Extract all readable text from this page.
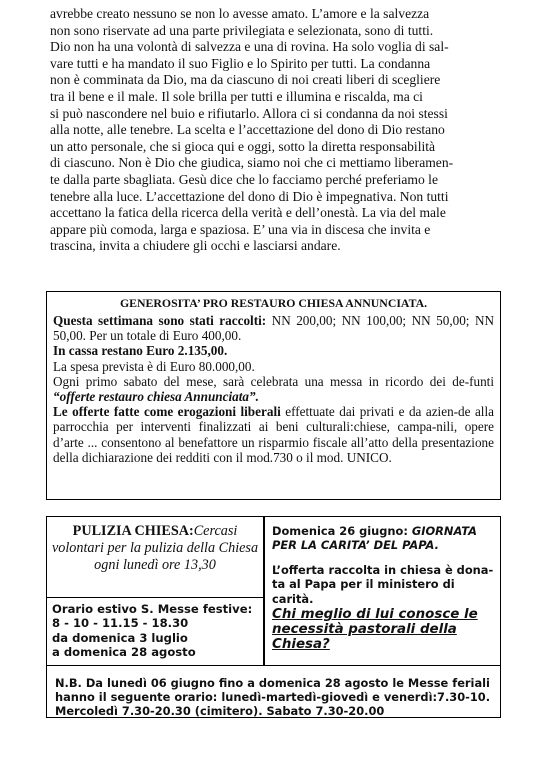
avrebbe creato nessuno se non lo avesse amato. L’amore e la salvezza
non sono riservate ad una parte privilegiata e selezionata, sono di tutti.
Dio non ha una volontà di salvezza e una di rovina. Ha solo voglia di sal-
vare tutti e ha mandato il suo Figlio e lo Spirito per tutti. La condanna
non è comminata da Dio, ma da ciascuno di noi creati liberi di scegliere
tra il bene e il male. Il sole brilla per tutti e illumina e riscalda, ma ci
si può nascondere nel buio e rifiutarlo. Allora ci si condanna da noi stessi
alla notte, alle tenebre. La scelta e l’accettazione del dono di Dio restano
un atto personale, che si gioca qui e oggi, sotto la diretta responsabilità
di ciascuno. Non è Dio che giudica, siamo noi che ci mettiamo liberamen-
te dalla parte sbagliata. Gesù dice che lo facciamo perché preferiamo le
tenebre alla luce. L’accettazione del dono di Dio è impegnativa. Non tutti
accettano la fatica della ricerca della verità e dell’onestà. La via del male
appare più comoda, larga e spaziosa. E’ una via in discesa che invita e
trascina, invita a chiudere gli occhi e lasciarsi andare.
GENEROSITA’ PRO RESTAURO CHIESA ANNUNCIATA.

Questa settimana sono stati raccolti: NN 200,00; NN 100,00; NN 50,00; NN 50,00. Per un totale di Euro 400,00.

In cassa restano Euro 2.135,00.

La spesa prevista è di Euro 80.000,00.

Ogni primo sabato del mese, sarà celebrata una messa in ricordo dei de-funti “offerte restauro chiesa Annunciata”.

Le offerte fatte come erogazioni liberali effettuate dai privati e da azien-de alla parrocchia per interventi finalizzati ai beni culturali:chiese, campa-nili, opere d’arte ... consentono al benefattore un risparmio fiscale all’atto della presentazione della dichiarazione dei redditi con il mod.730 o il mod. UNICO.

PULIZIA CHIESA:Cercasi
volontari per la pulizia della Chiesa ogni lunedì ore 13,30
Orario estivo S. Messe festive:
8 - 10 - 11.15 - 18.30
da domenica 3 luglio
a domenica 28 agosto

Domenica 26 giugno: GIORNATA PER LA CARITA’ DEL PAPA.

L’offerta raccolta in chiesa è dona-ta al Papa per il ministero di carità.

Chi meglio di lui conosce le necessità pastorali della Chiesa?

N.B. Da lunedì 06 giugno fino a domenica 28 agosto le Messe feriali hanno il seguente orario: lunedì-martedì-giovedì e venerdì:7.30-10. Mercoledì 7.30-20.30 (cimitero). Sabato 7.30-20.00
